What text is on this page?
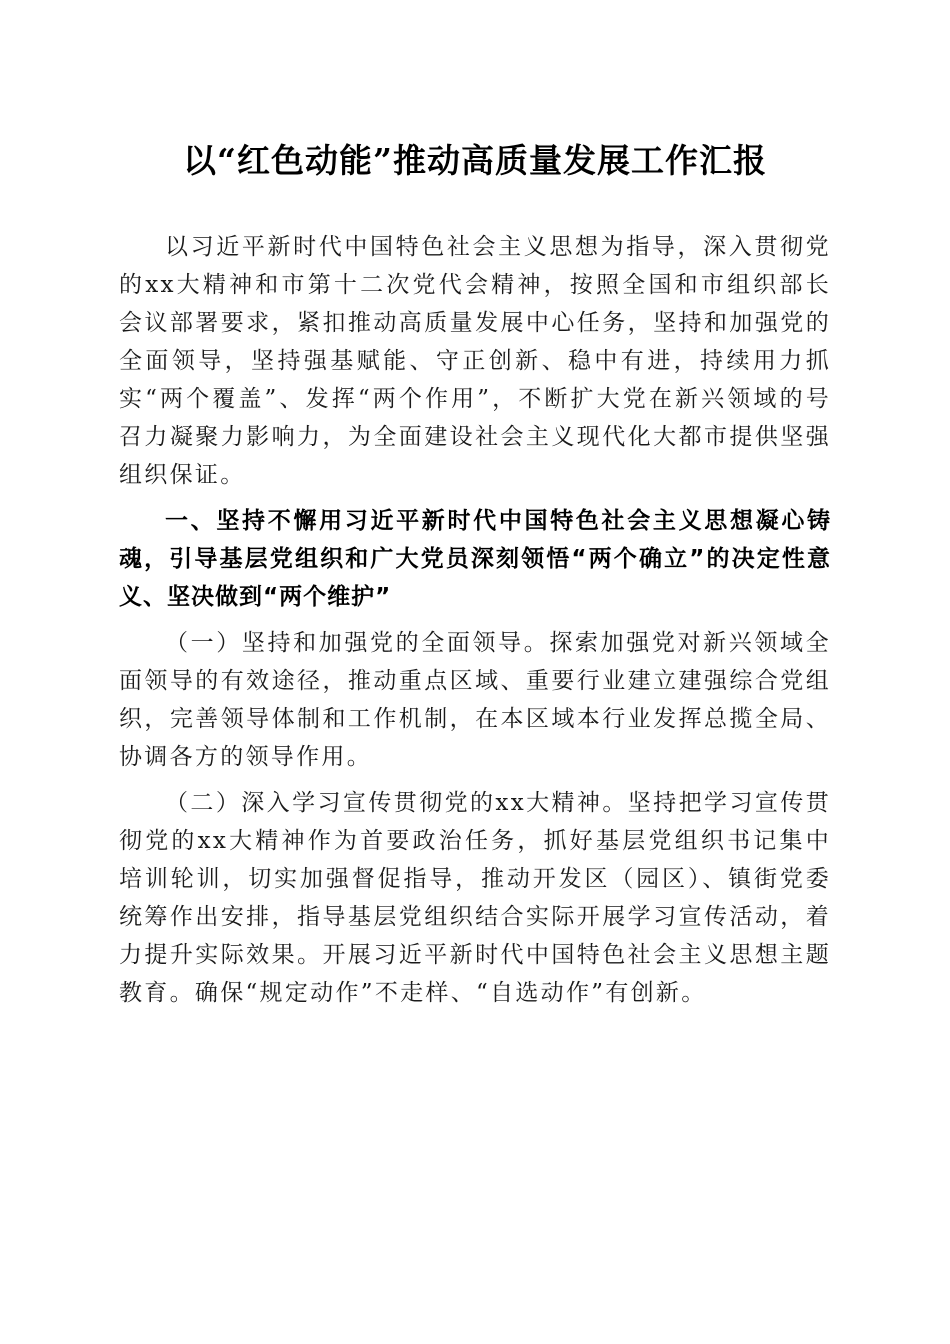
以“红色动能”推动高质量发展工作汇报

以习近平新时代中国特色社会主义思想为指导，深入贯彻党的xx大精神和市第十二次党代会精神，按照全国和市组织部长会议部署要求，紧扣推动高质量发展中心任务，坚持和加强党的全面领导，坚持强基赋能、守正创新、稳中有进，持续用力抓实“两个覆盖”、发挥“两个作用”，不断扩大党在新兴领域的号召力凝聚力影响力，为全面建设社会主义现代化大都市提供坚强组织保证。

一、坚持不懈用习近平新时代中国特色社会主义思想凝心铸魂，引导基层党组织和广大党员深刻领悟“两个确立”的决定性意义、坚决做到“两个维护”

（一）坚持和加强党的全面领导。探索加强党对新兴领域全面领导的有效途径，推动重点区域、重要行业建立建强综合党组织，完善领导体制和工作机制，在本区域本行业发挥总揽全局、协调各方的领导作用。

（二）深入学习宣传贯彻党的xx大精神。坚持把学习宣传贯彻党的xx大精神作为首要政治任务，抓好基层党组织书记集中培训轮训，切实加强督促指导，推动开发区（园区）、镇街党委统筹作出安排，指导基层党组织结合实际开展学习宣传活动，着力提升实际效果。开展习近平新时代中国特色社会主义思想主题教育。确保“规定动作”不走样、“自选动作”有创新。
